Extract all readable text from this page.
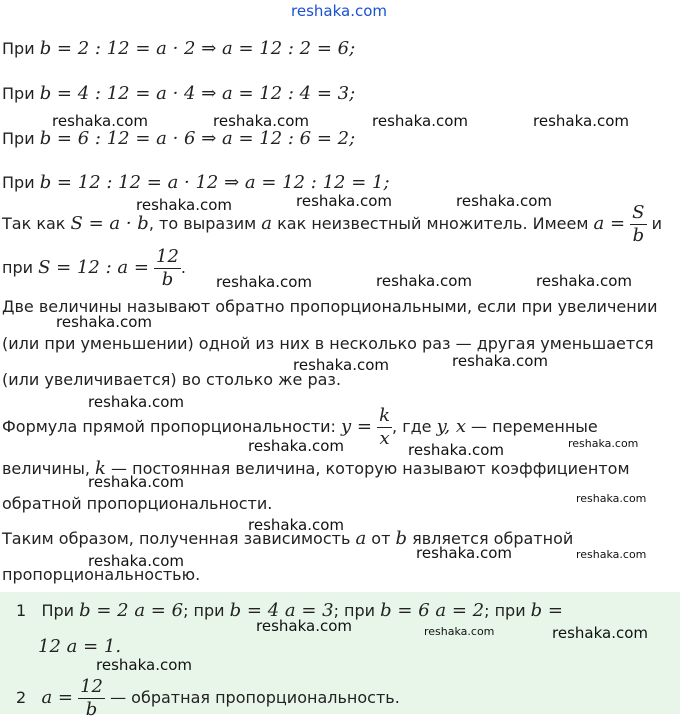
reshaka.com
При b = 2 : 12 = a · 2 ⇒ a = 12 : 2 = 6;
При b = 4 : 12 = a · 4 ⇒ a = 12 : 4 = 3;
При b = 6 : 12 = a · 6 ⇒ a = 12 : 6 = 2;
При b = 12 : 12 = a · 12 ⇒ a = 12 : 12 = 1;
Так как S = a · b, то выразим a как неизвестный множитель. Имеем $a = \frac{S}{b}$ и
при S = 12 : $a = \frac{12}{b}$ .
Две величины называют обратно пропорциональными, если при увеличении
(или при уменьшении) одной из них в несколько раз — другая уменьшается
(или увеличивается) во столько же раз.
Формула прямой пропорциональности: $y = \frac{k}{x}$ , где y, x — переменные
величины, k — постоянная величина, которую называют коэффициентом
обратной пропорциональности.
Таким образом, полученная зависимость a от b является обратной
пропорциональностью.
1 При b = 2 a = 6; при b = 4 a = 3; при b = 6 a = 2; при b =
12 a = 1.
2 $a = \frac{12}{b}$ — обратная пропорциональность.
reshaka.com	reshaka.com	reshaka.com	reshaka.com
reshaka.com	reshaka.com	reshaka.com
reshaka.com	reshaka.com	reshaka.com
reshaka.com
reshaka.com	reshaka.com
reshaka.com
reshaka.com	reshaka.com	reshaka.com
reshaka.com
reshaka.com
reshaka.com
reshaka.com	reshaka.com
reshaka.com
reshaka.com	reshaka.com	reshaka.com
reshaka.com
